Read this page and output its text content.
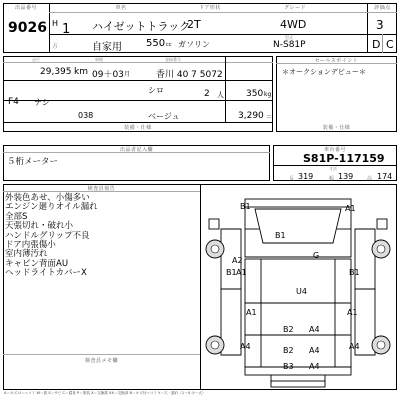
出品番号
9026 H 1
車名
ハイゼットトラック
2T
ドア形状	グレード
4WD
評価点
3
方	自家用 550 cc ガソリン
型式
N-S81P	D C
走行	車検	登録番号
29,395 km 09＋03 月	香川 40 7 5072
F4 ナシ
シロ	2 人 350 kg
038	ベージュ	3,290 ＝
装備・仕様
セールスポイント
＊オークションデビュー＊
装備・仕様
出品者記入欄
５桁メーター
車台番号
S81P-117159
寸法
長 319	幅 139	高 174
検査員報告
外装色あせ、小傷多い
エンジン廻りオイル漏れ
全部S
天張切れ・破れ小
ハンドルグリップ不良
ドア内張傷小
室内薄汚れ
キャビン背面AU
ヘッドライトカバーX
検査員メモ欄
B1	A1
B1
G
A2
B1 A1	B1
U4
A1	A1
B2 A4
A4	A4
B2 A4
B3 A4
A＝キズ U＝ヘコミ W＝波 S＝サビ C＝腐食 P＝塗装 X＝交換要 XX＝交換済 B＝キズ付ヘコミ Y＝穴・割れ（1〜4 小〜大）
